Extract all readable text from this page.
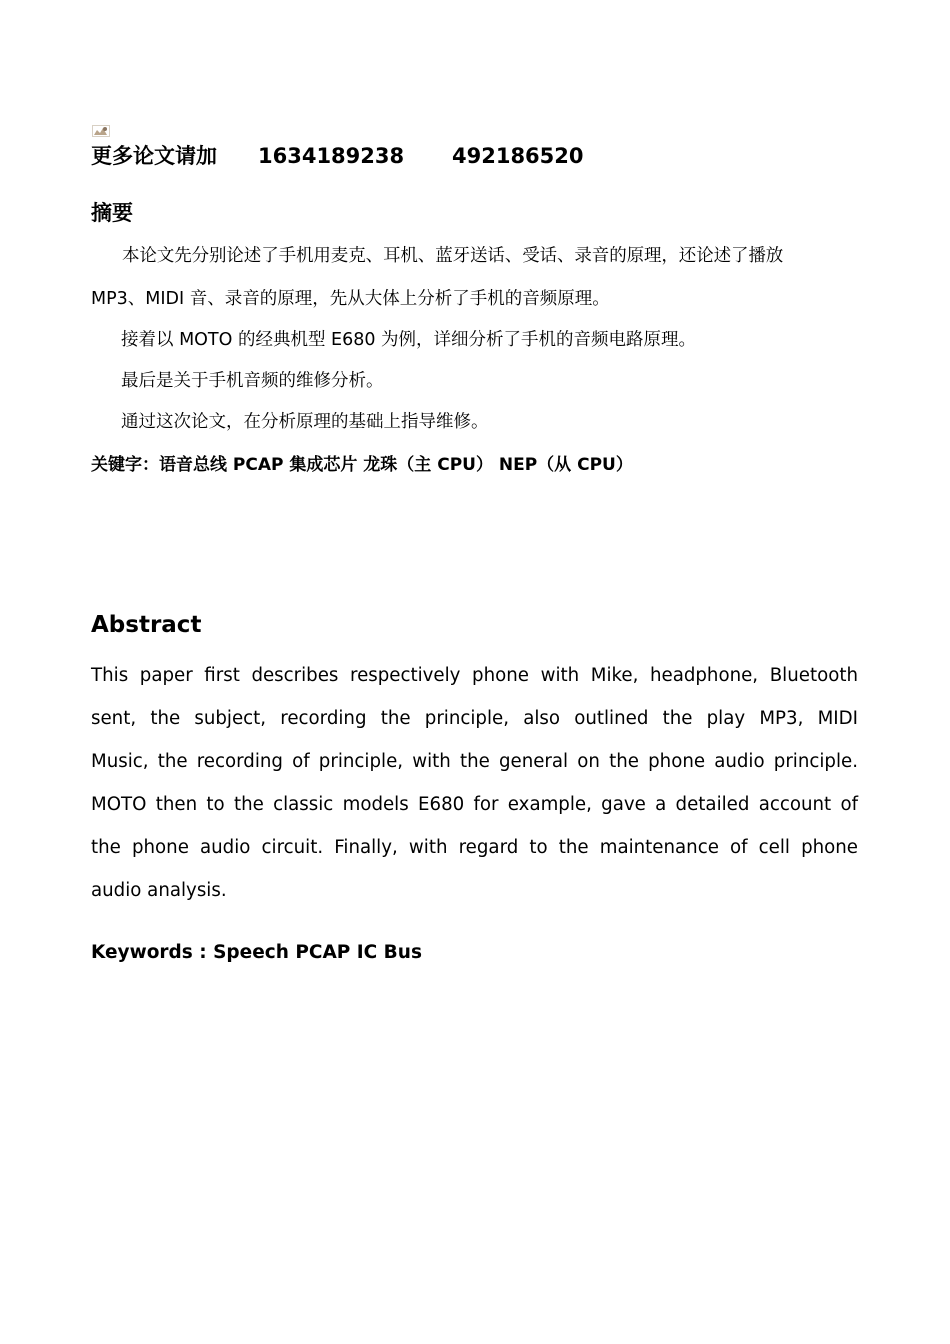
更多论文请加 1634189238 492186520
摘要
本论文先分别论述了手机用麦克、耳机、蓝牙送话、受话、录音的原理，还论述了播放
MP3、MIDI 音、录音的原理，先从大体上分析了手机的音频原理。
接着以 MOTO 的经典机型 E680 为例，详细分析了手机的音频电路原理。
最后是关于手机音频的维修分析。
通过这次论文，在分析原理的基础上指导维修。
关键字：语音总线 PCAP 集成芯片 龙珠（主 CPU） NEP（从 CPU）
Abstract
This paper first describes respectively phone with Mike, headphone, Bluetooth
sent, the subject, recording the principle, also outlined the play MP3, MIDI
Music, the recording of principle, with the general on the phone audio principle.
MOTO then to the classic models E680 for example, gave a detailed account of
the phone audio circuit. Finally, with regard to the maintenance of cell phone
audio analysis.
Keywords : Speech PCAP IC Bus
